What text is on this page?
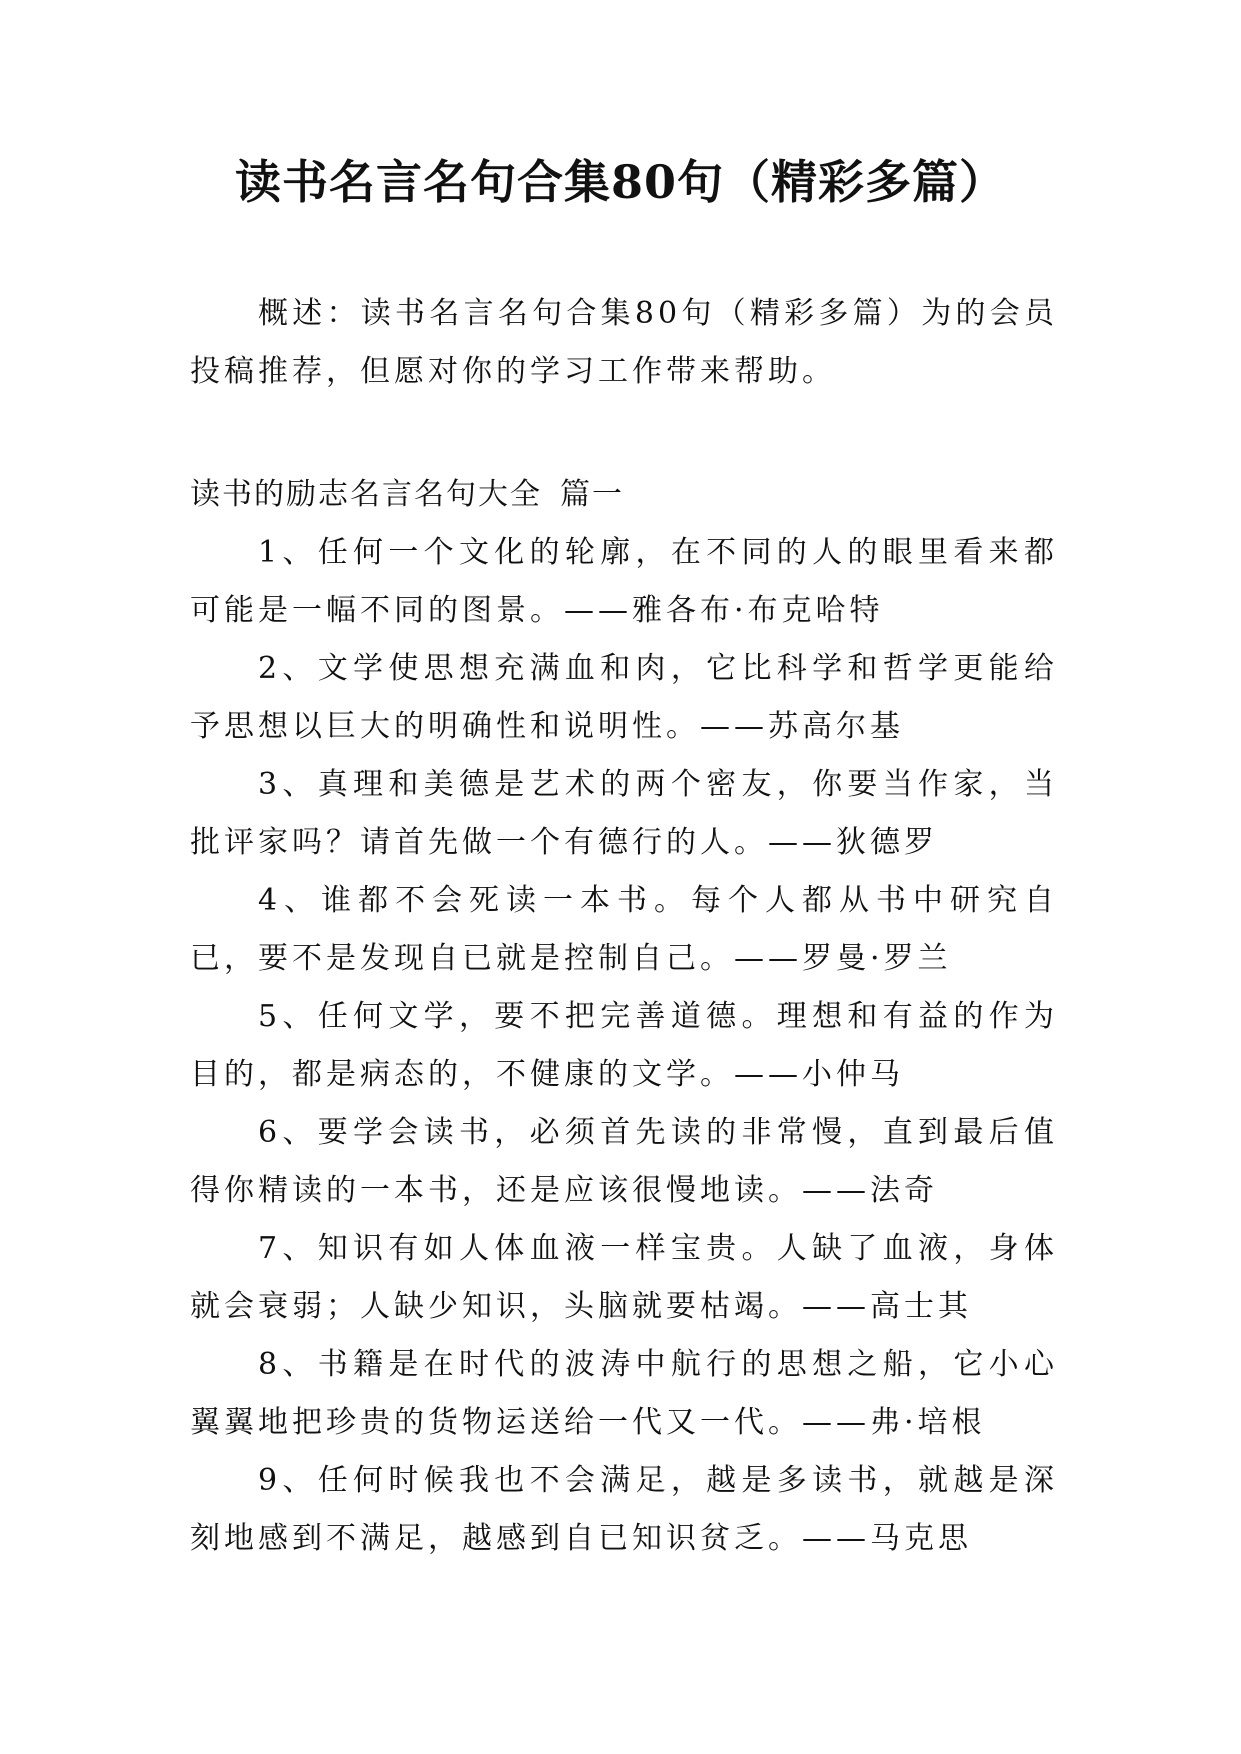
读书名言名句合集80句（精彩多篇）

概述：读书名言名句合集80句（精彩多篇）为的会员投稿推荐，但愿对你的学习工作带来帮助。

读书的励志名言名句大全 篇一

1、任何一个文化的轮廓，在不同的人的眼里看来都可能是一幅不同的图景。——雅各布·布克哈特
2、文学使思想充满血和肉，它比科学和哲学更能给予思想以巨大的明确性和说明性。——苏高尔基
3、真理和美德是艺术的两个密友，你要当作家，当批评家吗？请首先做一个有德行的人。——狄德罗
4、谁都不会死读一本书。每个人都从书中研究自已，要不是发现自已就是控制自己。——罗曼·罗兰
5、任何文学，要不把完善道德。理想和有益的作为目的，都是病态的，不健康的文学。——小仲马
6、要学会读书，必须首先读的非常慢，直到最后值得你精读的一本书，还是应该很慢地读。——法奇
7、知识有如人体血液一样宝贵。人缺了血液，身体就会衰弱；人缺少知识，头脑就要枯竭。——高士其
8、书籍是在时代的波涛中航行的思想之船，它小心翼翼地把珍贵的货物运送给一代又一代。——弗·培根
9、任何时候我也不会满足，越是多读书，就越是深刻地感到不满足，越感到自已知识贫乏。——马克思
